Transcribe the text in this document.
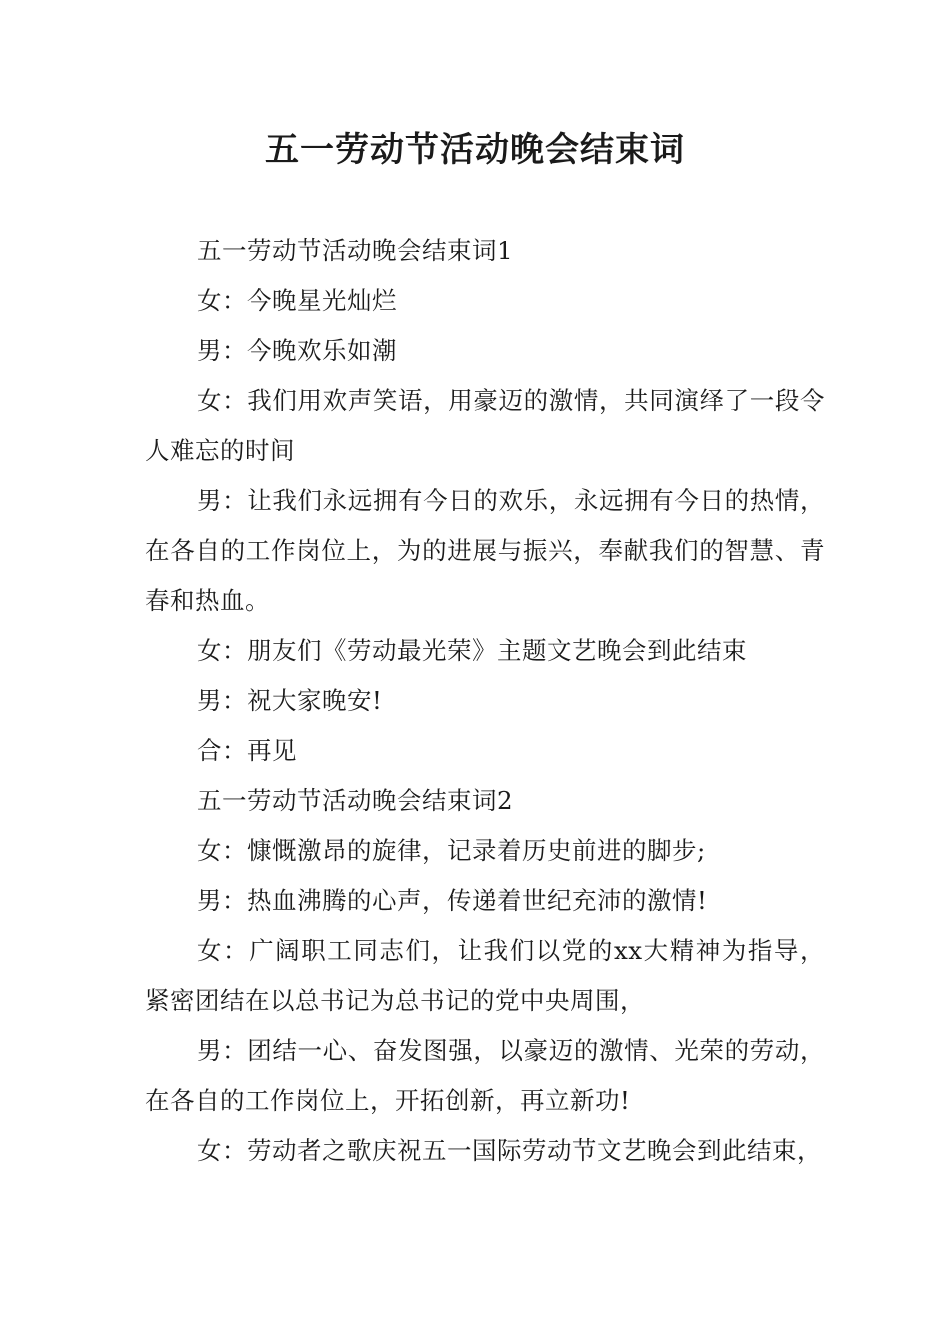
五一劳动节活动晚会结束词

五一劳动节活动晚会结束词1

女：今晚星光灿烂

男：今晚欢乐如潮

女：我们用欢声笑语，用豪迈的激情，共同演绎了一段令人难忘的时间

男：让我们永远拥有今日的欢乐，永远拥有今日的热情，在各自的工作岗位上，为的进展与振兴，奉献我们的智慧、青春和热血。

女：朋友们《劳动最光荣》主题文艺晚会到此结束

男：祝大家晚安!

合：再见

五一劳动节活动晚会结束词2

女：慷慨激昂的旋律，记录着历史前进的脚步;

男：热血沸腾的心声，传递着世纪充沛的激情!

女：广阔职工同志们，让我们以党的xx大精神为指导，紧密团结在以总书记为总书记的党中央周围，

男：团结一心、奋发图强，以豪迈的激情、光荣的劳动，在各自的工作岗位上，开拓创新，再立新功!

女：劳动者之歌庆祝五一国际劳动节文艺晚会到此结束，
